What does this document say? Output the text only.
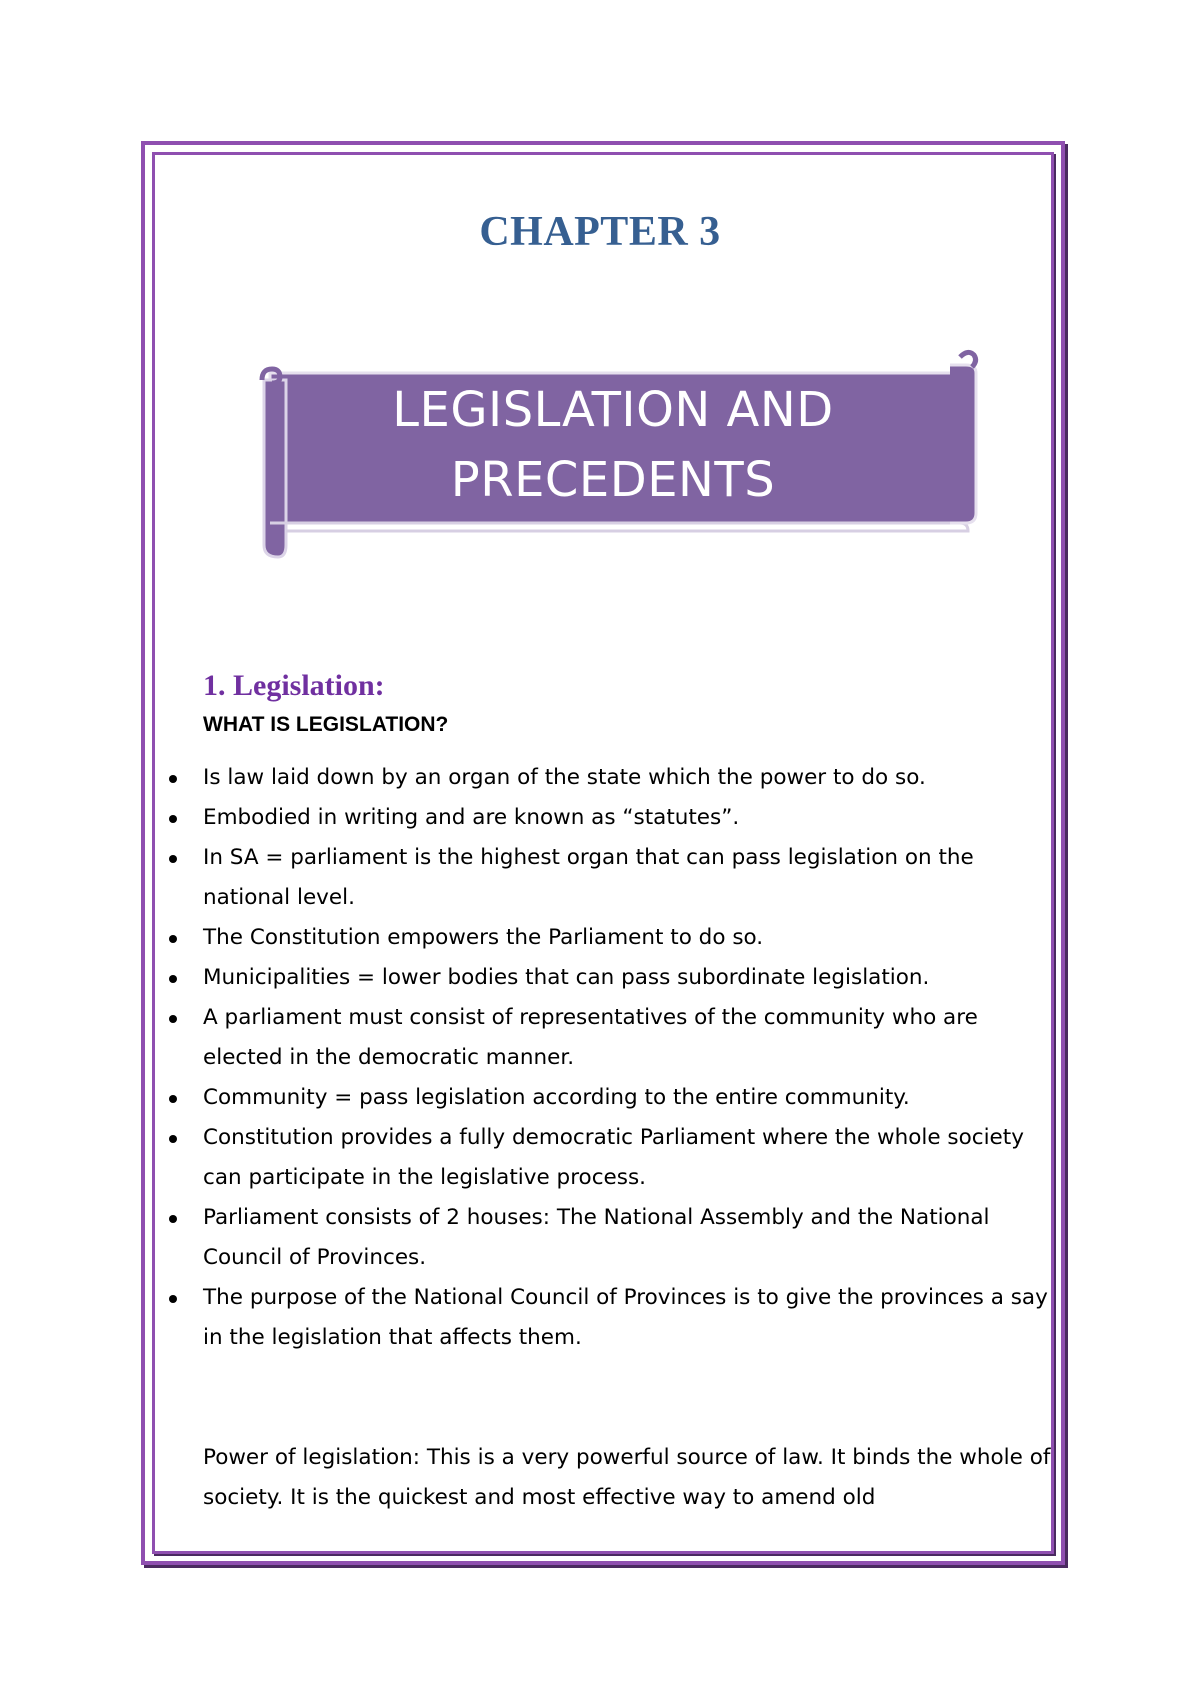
CHAPTER 3
LEGISLATION AND
PRECEDENTS
1. Legislation:
WHAT IS LEGISLATION?
Is law laid down by an organ of the state which the power to do so.
Embodied in writing and are known as “statutes”.
In SA = parliament is the highest organ that can pass legislation on the national level.
The Constitution empowers the Parliament to do so.
Municipalities = lower bodies that can pass subordinate legislation.
A parliament must consist of representatives of the community who are elected in the democratic manner.
Community = pass legislation according to the entire community.
Constitution provides a fully democratic Parliament where the whole society can participate in the legislative process.
Parliament consists of 2 houses: The National Assembly and the National Council of Provinces.
The purpose of the National Council of Provinces is to give the provinces a say in the legislation that affects them.

Power of legislation: This is a very powerful source of law. It binds the whole of society. It is the quickest and most effective way to amend old
